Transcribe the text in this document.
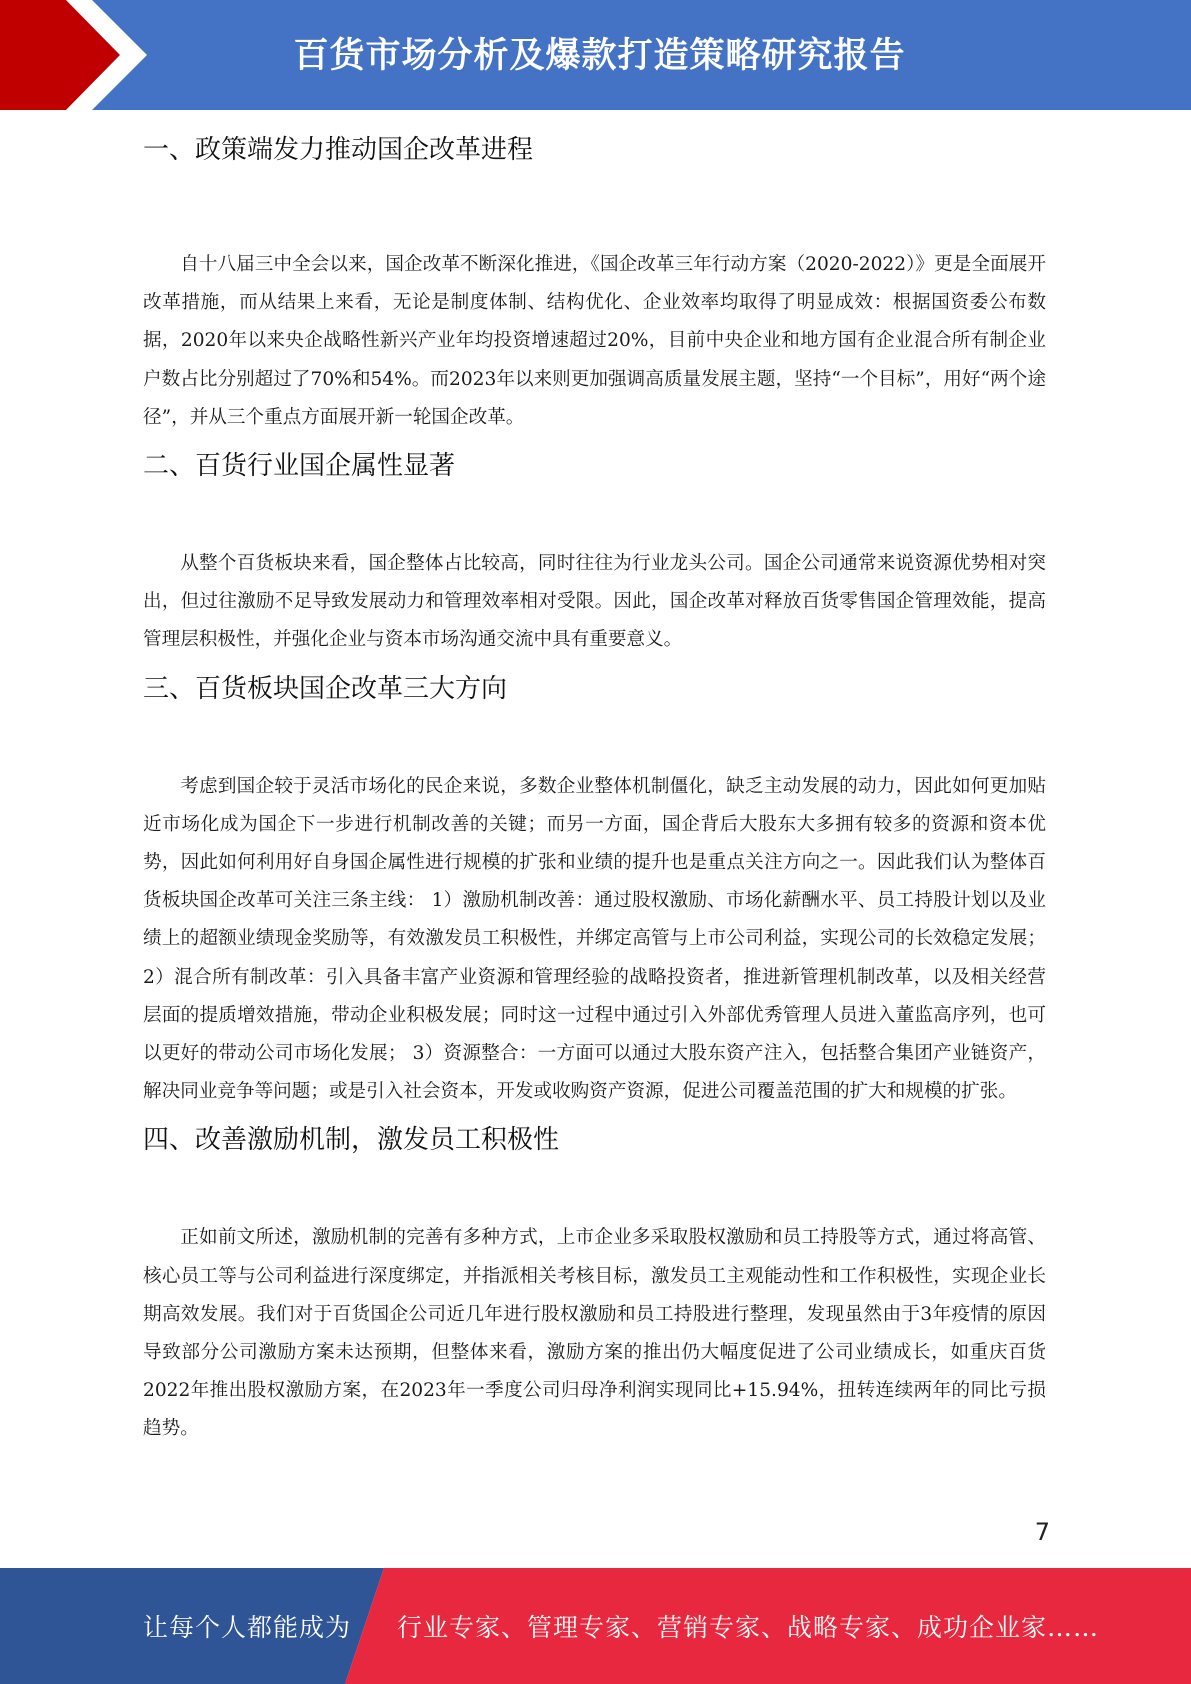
百货市场分析及爆款打造策略研究报告
一、政策端发力推动国企改革进程

自十八届三中全会以来，国企改革不断深化推进，《国企改革三年行动方案（2020-2022）》更是全面展开改革措施，而从结果上来看，无论是制度体制、结构优化、企业效率均取得了明显成效：根据国资委公布数据，2020年以来央企战略性新兴产业年均投资增速超过20%，目前中央企业和地方国有企业混合所有制企业户数占比分别超过了70%和54%。而2023年以来则更加强调高质量发展主题，坚持“一个目标”，用好“两个途径”，并从三个重点方面展开新一轮国企改革。

二、百货行业国企属性显著

从整个百货板块来看，国企整体占比较高，同时往往为行业龙头公司。国企公司通常来说资源优势相对突出，但过往激励不足导致发展动力和管理效率相对受限。因此，国企改革对释放百货零售国企管理效能，提高管理层积极性，并强化企业与资本市场沟通交流中具有重要意义。

三、百货板块国企改革三大方向

考虑到国企较于灵活市场化的民企来说，多数企业整体机制僵化，缺乏主动发展的动力，因此如何更加贴近市场化成为国企下一步进行机制改善的关键；而另一方面，国企背后大股东大多拥有较多的资源和资本优势，因此如何利用好自身国企属性进行规模的扩张和业绩的提升也是重点关注方向之一。因此我们认为整体百货板块国企改革可关注三条主线： 1）激励机制改善：通过股权激励、市场化薪酬水平、员工持股计划以及业绩上的超额业绩现金奖励等，有效激发员工积极性，并绑定高管与上市公司利益，实现公司的长效稳定发展； 2）混合所有制改革：引入具备丰富产业资源和管理经验的战略投资者，推进新管理机制改革，以及相关经营层面的提质增效措施，带动企业积极发展；同时这一过程中通过引入外部优秀管理人员进入董监高序列，也可以更好的带动公司市场化发展； 3）资源整合：一方面可以通过大股东资产注入，包括整合集团产业链资产，解决同业竞争等问题；或是引入社会资本，开发或收购资产资源，促进公司覆盖范围的扩大和规模的扩张。

四、改善激励机制，激发员工积极性

正如前文所述，激励机制的完善有多种方式，上市企业多采取股权激励和员工持股等方式，通过将高管、核心员工等与公司利益进行深度绑定，并指派相关考核目标，激发员工主观能动性和工作积极性，实现企业长期高效发展。我们对于百货国企公司近几年进行股权激励和员工持股进行整理，发现虽然由于3年疫情的原因导致部分公司激励方案未达预期，但整体来看，激励方案的推出仍大幅度促进了公司业绩成长，如重庆百货2022年推出股权激励方案，在2023年一季度公司归母净利润实现同比+15.94%，扭转连续两年的同比亏损趋势。

7
让每个人都能成为 行业专家、管理专家、营销专家、战略专家、成功企业家……
